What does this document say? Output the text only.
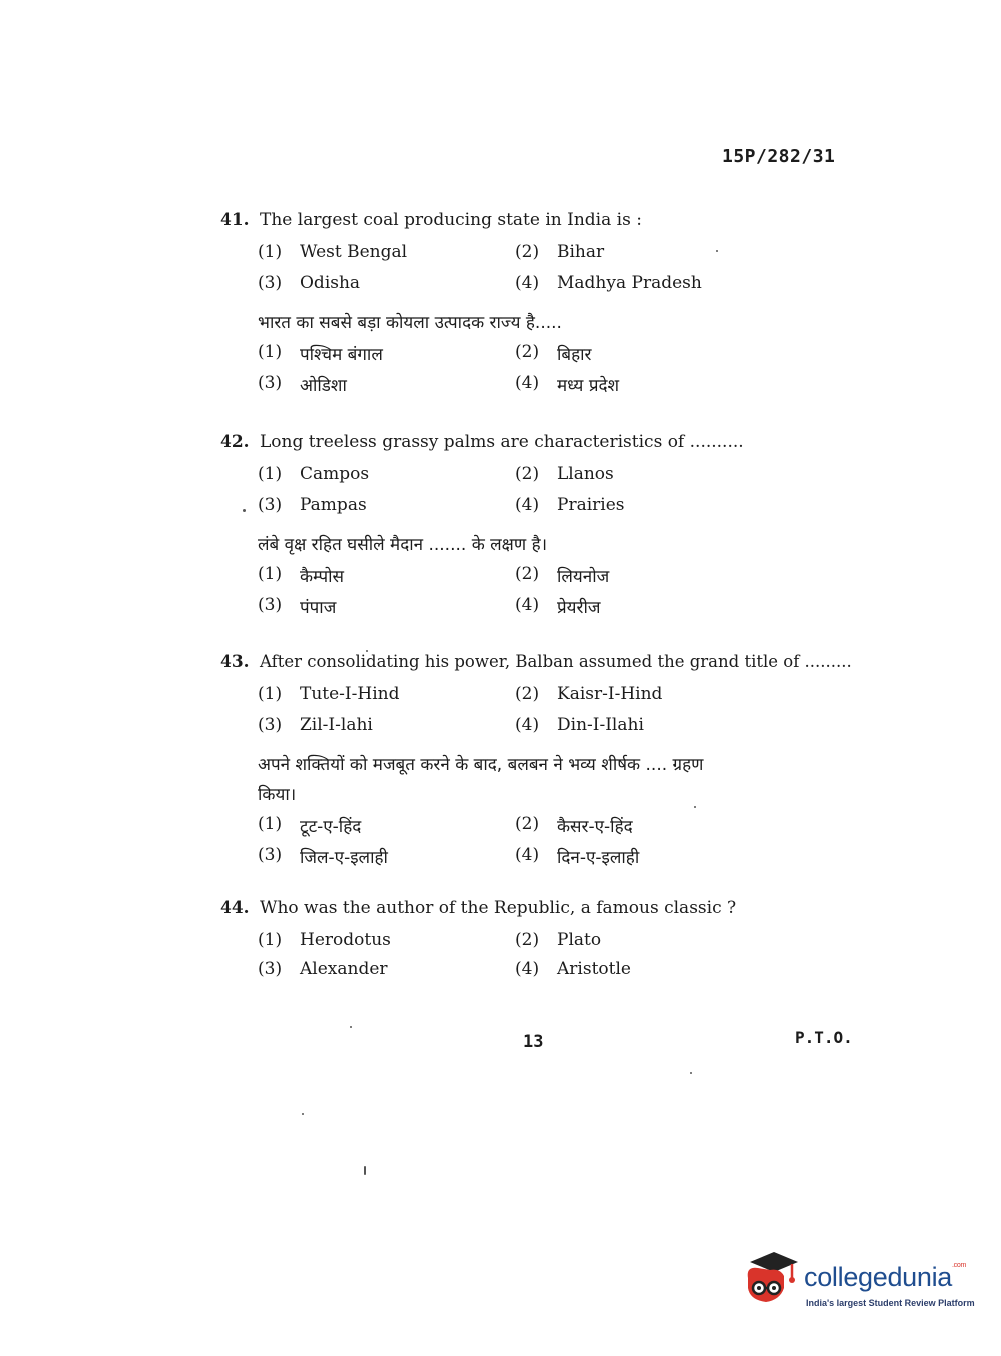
15P/282/31
41. The largest coal producing state in India is :
(1)	West Bengal	(2)	Bihar
(3)	Odisha	(4)	Madhya Pradesh
भारत का सबसे बड़ा कोयला उत्पादक राज्य है.....
(1)	पश्चिम बंगाल	(2)	बिहार
(3)	ओडिशा	(4)	मध्य प्रदेश
42. Long treeless grassy palms are characteristics of ..........
(1)	Campos	(2)	Llanos
(3)	Pampas	(4)	Prairies
लंबे वृक्ष रहित घसीले मैदान ....... के लक्षण है।
(1)	कैम्पोस	(2)	लियनोज
(3)	पंपाज	(4)	प्रेयरीज
43. After consolidating his power, Balban assumed the grand title of .........
(1)	Tute-I-Hind	(2)	Kaisr-I-Hind
(3)	Zil-I-lahi	(4)	Din-I-Ilahi
अपने शक्तियों को मजबूत करने के बाद, बलबन ने भव्य शीर्षक .... ग्रहण
किया।
(1)	टूट-ए-हिंद	(2)	कैसर-ए-हिंद
(3)	जिल-ए-इलाही	(4)	दिन-ए-इलाही
44. Who was the author of the Republic, a famous classic ?
(1)	Herodotus	(2)	Plato
(3)	Alexander	(4)	Aristotle
13	P.T.O.
collegedunia$^{.com}$
India's largest Student Review Platform
